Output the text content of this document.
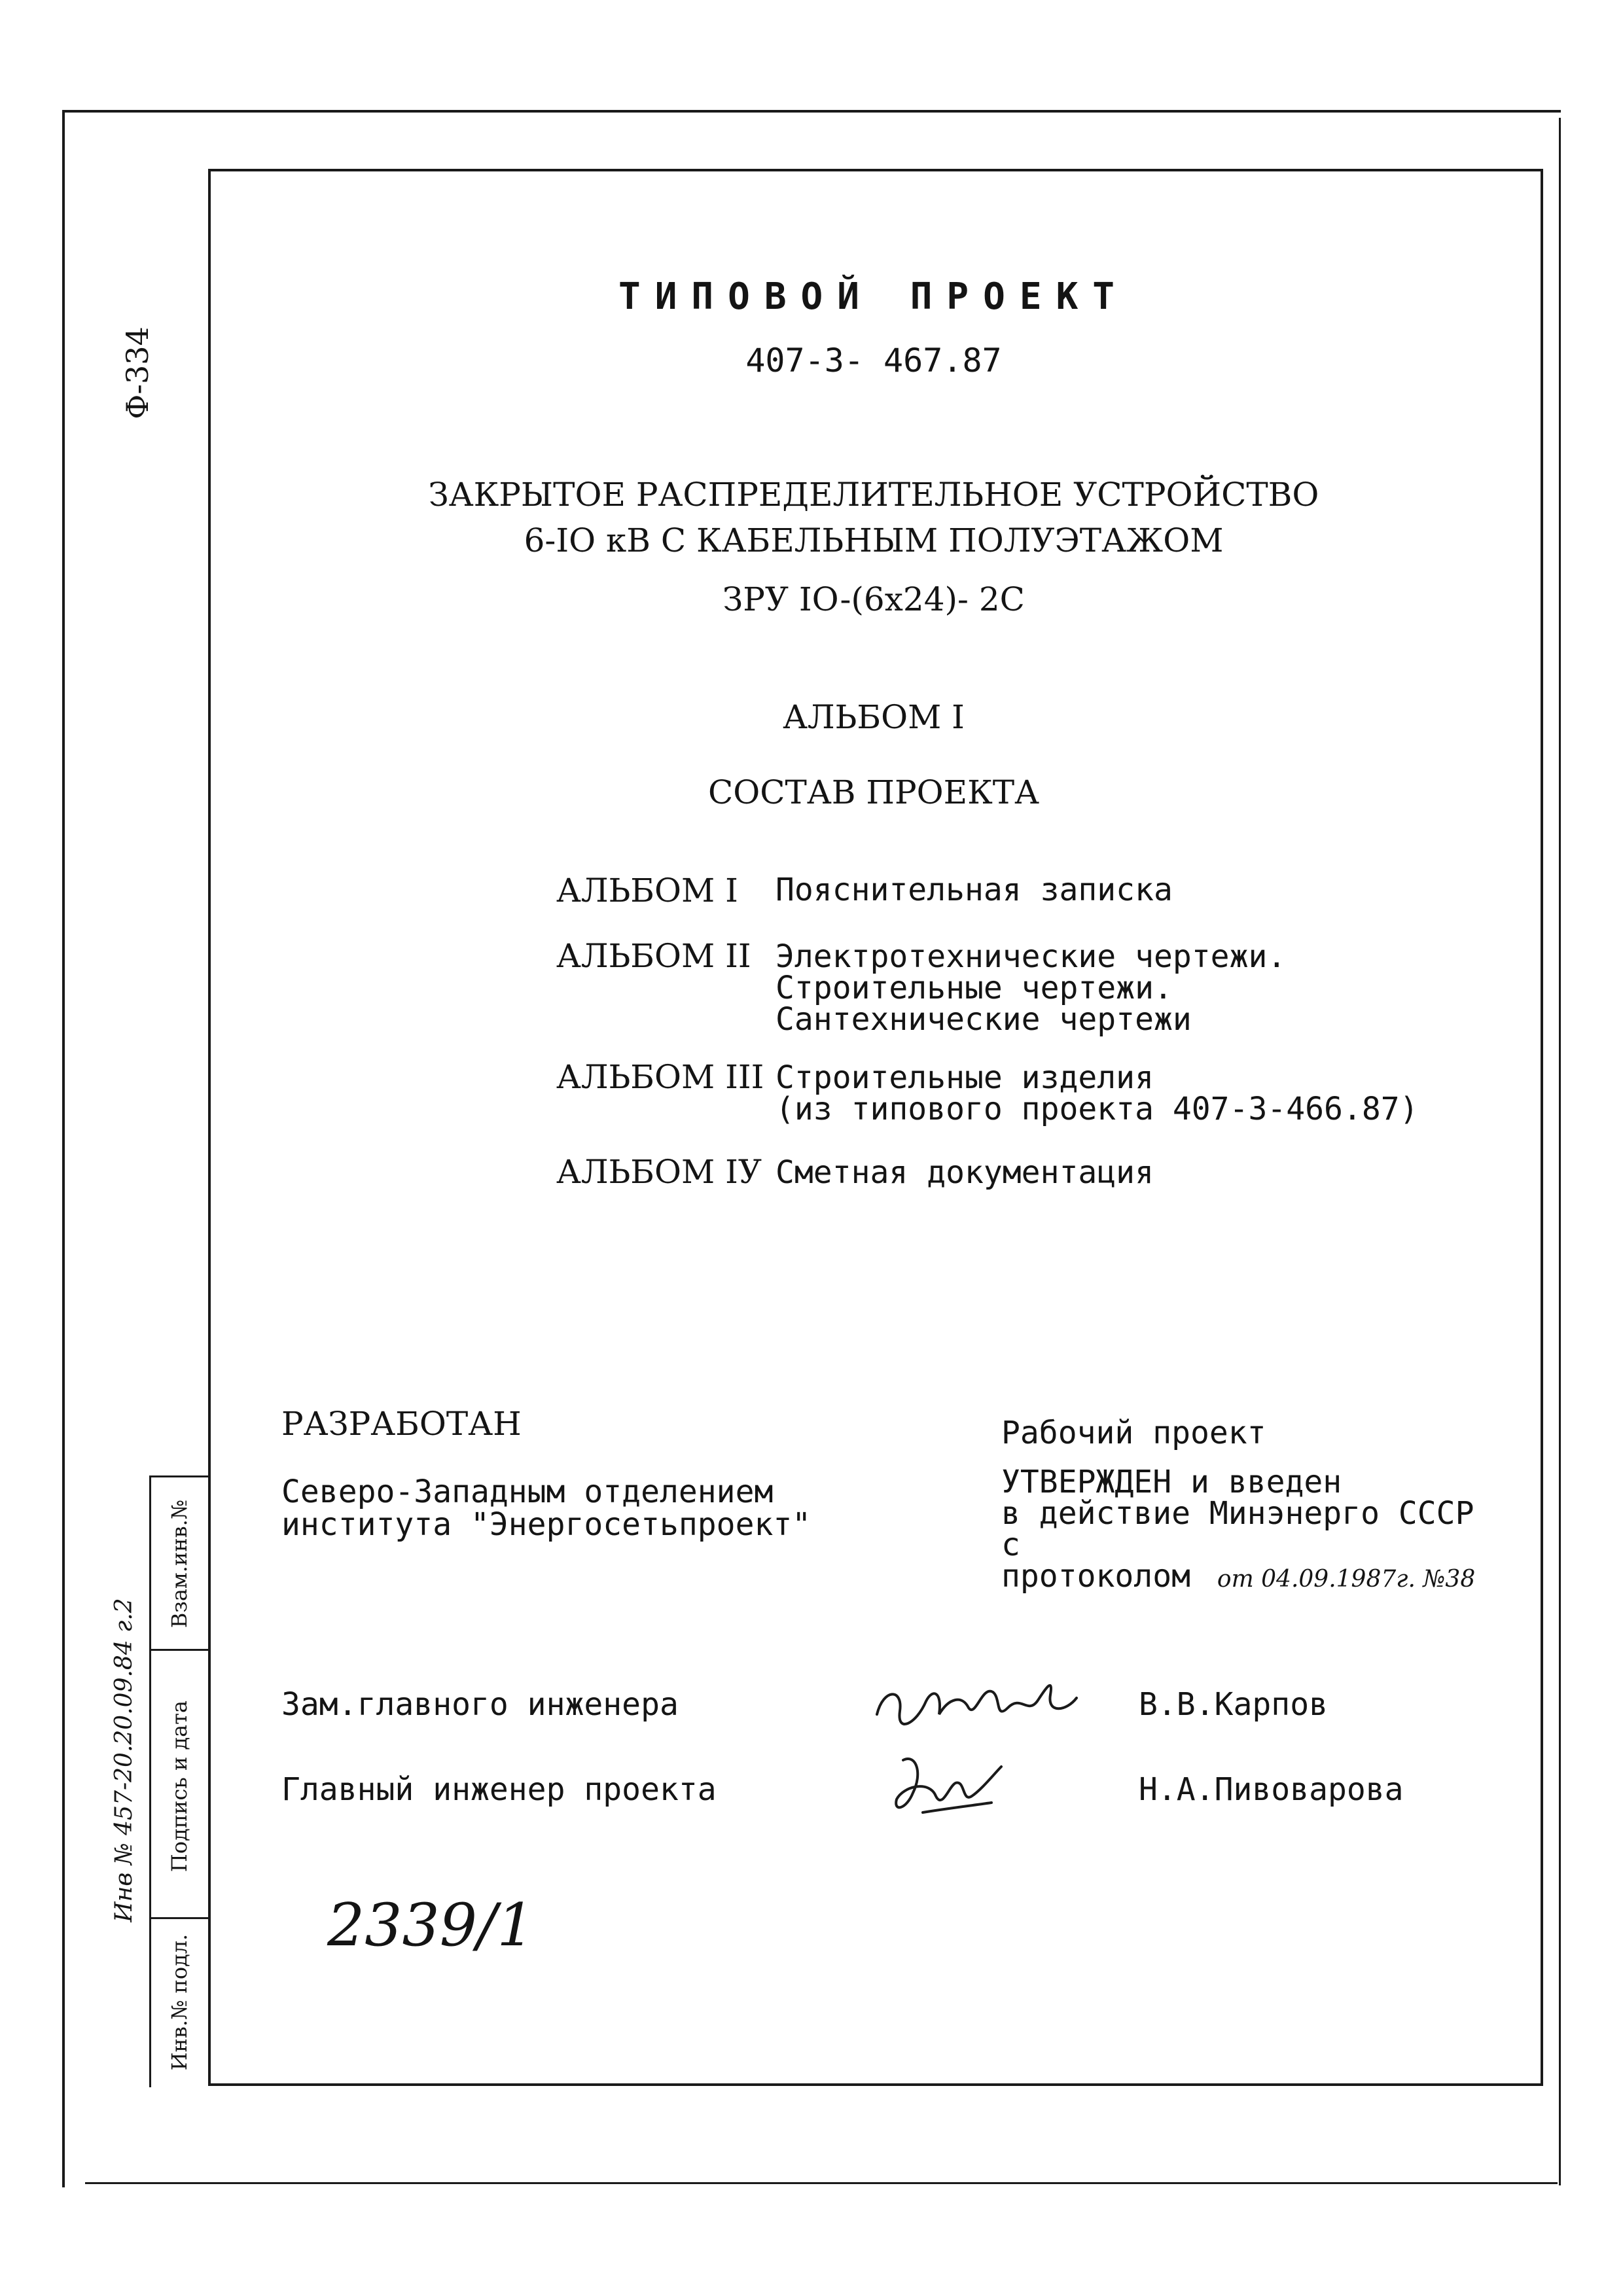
Ф-334
ТИПОВОЙ ПРОЕКТ
407-3- 467.87
ЗАКРЫТОЕ РАСПРЕДЕЛИТЕЛЬНОЕ УСТРОЙСТВО
6-IO кВ С КАБЕЛЬНЫМ ПОЛУЭТАЖОМ
ЗРУ IO-(6x24)- 2С
АЛЬБОМ I
СОСТАВ ПРОЕКТА
АЛЬБОМ I Пояснительная записка
АЛЬБОМ II Электротехнические чертежи.
Строительные чертежи.
Сантехнические чертежи
АЛЬБОМ III Строительные изделия
(из типового проекта 407-3-466.87)
АЛЬБОМ IУ Сметная документация
РАЗРАБОТАН
Северо-Западным отделением
института "Энергосетьпроект"
Рабочий проект
УТВЕРЖДЕН и введен
в действие Минэнерго СССР
с
протоколом от 04.09.1987г. №38
Зам.главного инженера	В.В.Карпов
Главный инженер проекта	Н.А.Пивоварова
2339/1
Взам.инв.№
Подпись и дата
Инв.№ подл.
Инв № 457-20.20.09.84 г.2
